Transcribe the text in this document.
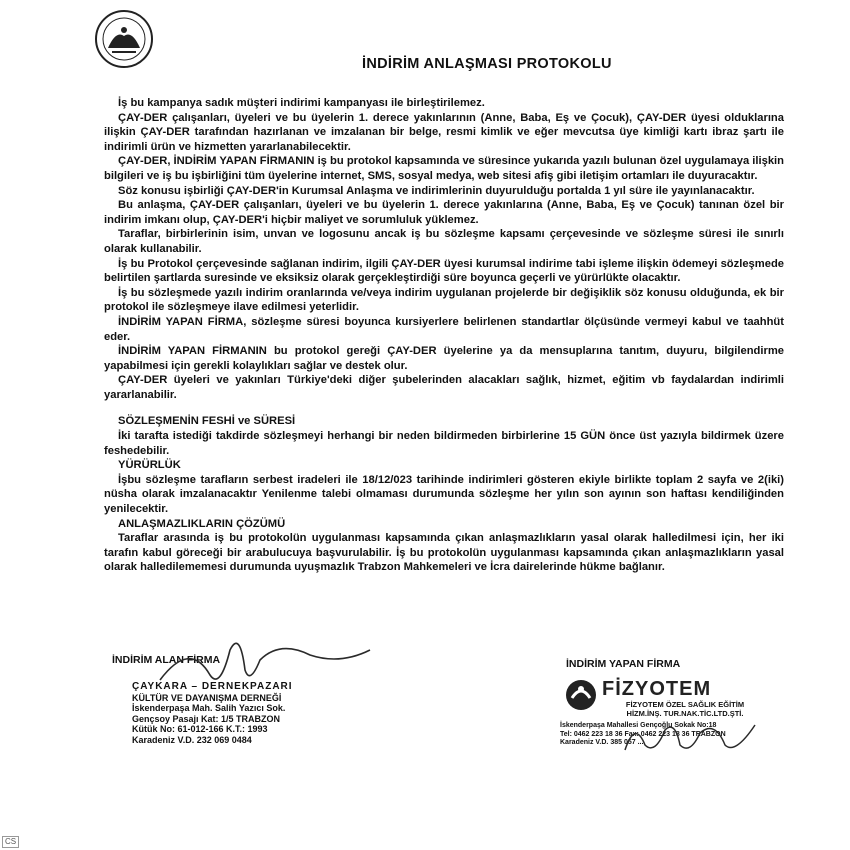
İNDİRİM ANLAŞMASI PROTOKOLU

İş bu kampanya sadık müşteri indirimi kampanyası ile birleştirilemez.

ÇAY-DER çalışanları, üyeleri ve bu üyelerin 1. derece yakınlarının (Anne, Baba, Eş ve Çocuk), ÇAY-DER üyesi olduklarına ilişkin ÇAY-DER tarafından hazırlanan ve imzalanan bir belge, resmi kimlik ve eğer mevcutsa üye kimliği kartı ibraz şartı ile indirimli ürün ve hizmetten yararlanabilecektir.

ÇAY-DER, İNDİRİM YAPAN FİRMANIN iş bu protokol kapsamında ve süresince yukarıda yazılı bulunan özel uygulamaya ilişkin bilgileri ve iş bu işbirliğini tüm üyelerine internet, SMS, sosyal medya, web sitesi afiş gibi iletişim ortamları ile duyuracaktır.

Söz konusu işbirliği ÇAY-DER'in Kurumsal Anlaşma ve indirimlerinin duyurulduğu portalda 1 yıl süre ile yayınlanacaktır.

Bu anlaşma, ÇAY-DER çalışanları, üyeleri ve bu üyelerin 1. derece yakınlarına (Anne, Baba, Eş ve Çocuk) tanınan özel bir indirim imkanı olup, ÇAY-DER'i hiçbir maliyet ve sorumluluk yüklemez.

Taraflar, birbirlerinin isim, unvan ve logosunu ancak iş bu sözleşme kapsamı çerçevesinde ve sözleşme süresi ile sınırlı olarak kullanabilir.

İş bu Protokol çerçevesinde sağlanan indirim, ilgili ÇAY-DER üyesi kurumsal indirime tabi işleme ilişkin ödemeyi sözleşmede belirtilen şartlarda suresinde ve eksiksiz olarak gerçekleştirdiği süre boyunca geçerli ve yürürlükte olacaktır.

İş bu sözleşmede yazılı indirim oranlarında ve/veya indirim uygulanan projelerde bir değişiklik söz konusu olduğunda, ek bir protokol ile sözleşmeye ilave edilmesi yeterlidir.

İNDİRİM YAPAN FİRMA, sözleşme süresi boyunca kursiyerlere belirlenen standartlar ölçüsünde vermeyi kabul ve taahhüt eder.

İNDİRİM YAPAN FİRMANIN bu protokol gereği ÇAY-DER üyelerine ya da mensuplarına tanıtım, duyuru, bilgilendirme yapabilmesi için gerekli kolaylıkları sağlar ve destek olur.

ÇAY-DER üyeleri ve yakınları Türkiye'deki diğer şubelerinden alacakları sağlık, hizmet, eğitim vb faydalardan indirimli yararlanabilir.

SÖZLEŞMENİN FESHİ ve SÜRESİ

İki tarafta istediği takdirde sözleşmeyi herhangi bir neden bildirmeden birbirlerine 15 GÜN önce üst yazıyla bildirmek üzere feshedebilir.

YÜRÜRLÜK

İşbu sözleşme tarafların serbest iradeleri ile 18/12/023 tarihinde indirimleri gösteren ekiyle birlikte toplam 2 sayfa ve 2(iki) nüsha olarak imzalanacaktır Yenilenme talebi olmaması durumunda sözleşme her yılın son ayının son haftası kendiliğinden yenilecektir.

ANLAŞMAZLIKLARIN ÇÖZÜMÜ

Taraflar arasında iş bu protokolün uygulanması kapsamında çıkan anlaşmazlıkların yasal olarak halledilmesi için, her iki tarafın kabul göreceği bir arabulucuya başvurulabilir. İş bu protokolün uygulanması kapsamında çıkan anlaşmazlıkların yasal olarak halledilememesi durumunda uyuşmazlık Trabzon Mahkemeleri ve İcra dairelerinde hükme bağlanır.

İNDİRİM ALAN FİRMA
ÇAYKARA – DERNEKPAZARI
KÜLTÜR VE DAYANIŞMA DERNEĞİ
İskenderpaşa Mah. Salih Yazıcı Sok.
Gençsoy Pasajı Kat: 1/5 TRABZON
Kütük No: 61-012-166 K.T.: 1993
Karadeniz V.D. 232 069 0484
İNDİRİM YAPAN FİRMA
FİZYOTEM
FİZYOTEM ÖZEL SAĞLIK EĞİTİM
HİZM.İNŞ. TUR.NAK.TİC.LTD.ŞTİ.
İskenderpaşa Mahallesi Gençoğlu Sokak No:18
Tel: 0462 223 18 36 Fax: 0462 223 18 36 TRABZON
Karadeniz V.D. 385 057 ...
CS
